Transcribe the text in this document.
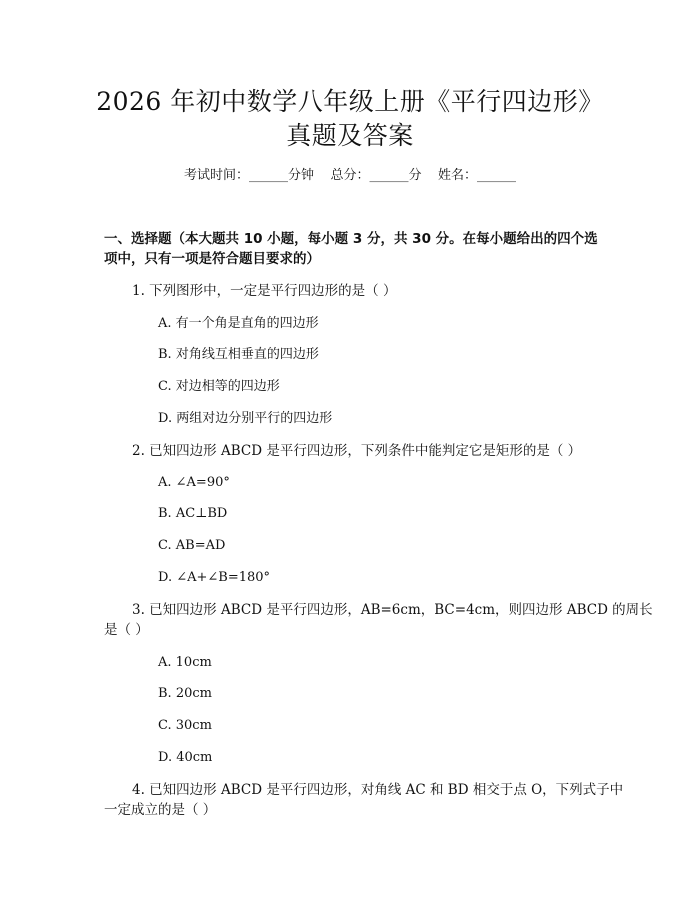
2026 年初中数学八年级上册《平行四边形》
真题及答案
考试时间：______分钟    总分：______分    姓名：______
一、选择题（本大题共 10 小题，每小题 3 分，共 30 分。在每小题给出的四个选
项中，只有一项是符合题目要求的）
1. 下列图形中，一定是平行四边形的是（ ）
A. 有一个角是直角的四边形
B. 对角线互相垂直的四边形
C. 对边相等的四边形
D. 两组对边分别平行的四边形
2. 已知四边形 ABCD 是平行四边形，下列条件中能判定它是矩形的是（ ）
A. ∠A=90°
B. AC⊥BD
C. AB=AD
D. ∠A+∠B=180°
3. 已知四边形 ABCD 是平行四边形，AB=6cm，BC=4cm，则四边形 ABCD 的周长
是（ ）
A. 10cm
B. 20cm
C. 30cm
D. 40cm
4. 已知四边形 ABCD 是平行四边形，对角线 AC 和 BD 相交于点 O，下列式子中
一定成立的是（ ）
